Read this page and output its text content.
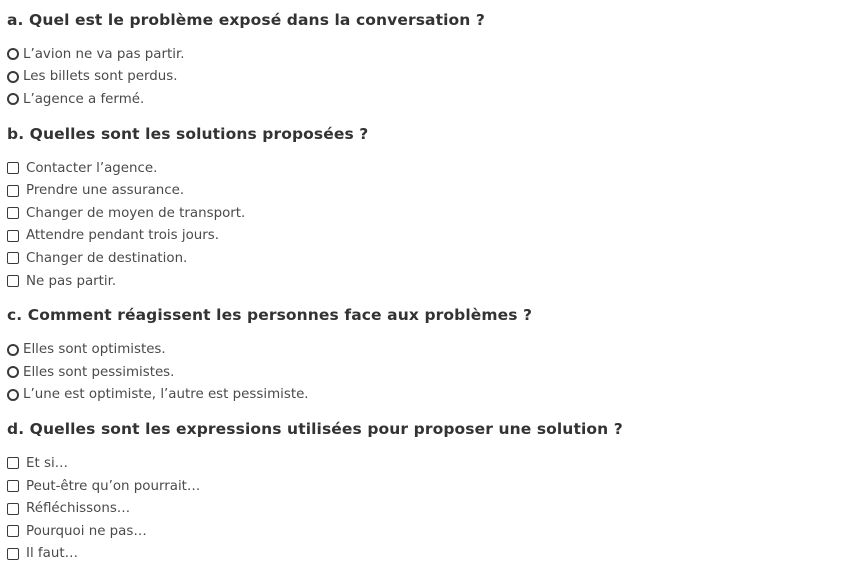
a. Quel est le problème exposé dans la conversation ?
L’avion ne va pas partir.
Les billets sont perdus.
L’agence a fermé.
b. Quelles sont les solutions proposées ?
Contacter l’agence.
Prendre une assurance.
Changer de moyen de transport.
Attendre pendant trois jours.
Changer de destination.
Ne pas partir.
c. Comment réagissent les personnes face aux problèmes ?
Elles sont optimistes.
Elles sont pessimistes.
L’une est optimiste, l’autre est pessimiste.
d. Quelles sont les expressions utilisées pour proposer une solution ?
Et si…
Peut-être qu’on pourrait…
Réfléchissons…
Pourquoi ne pas…
Il faut…
